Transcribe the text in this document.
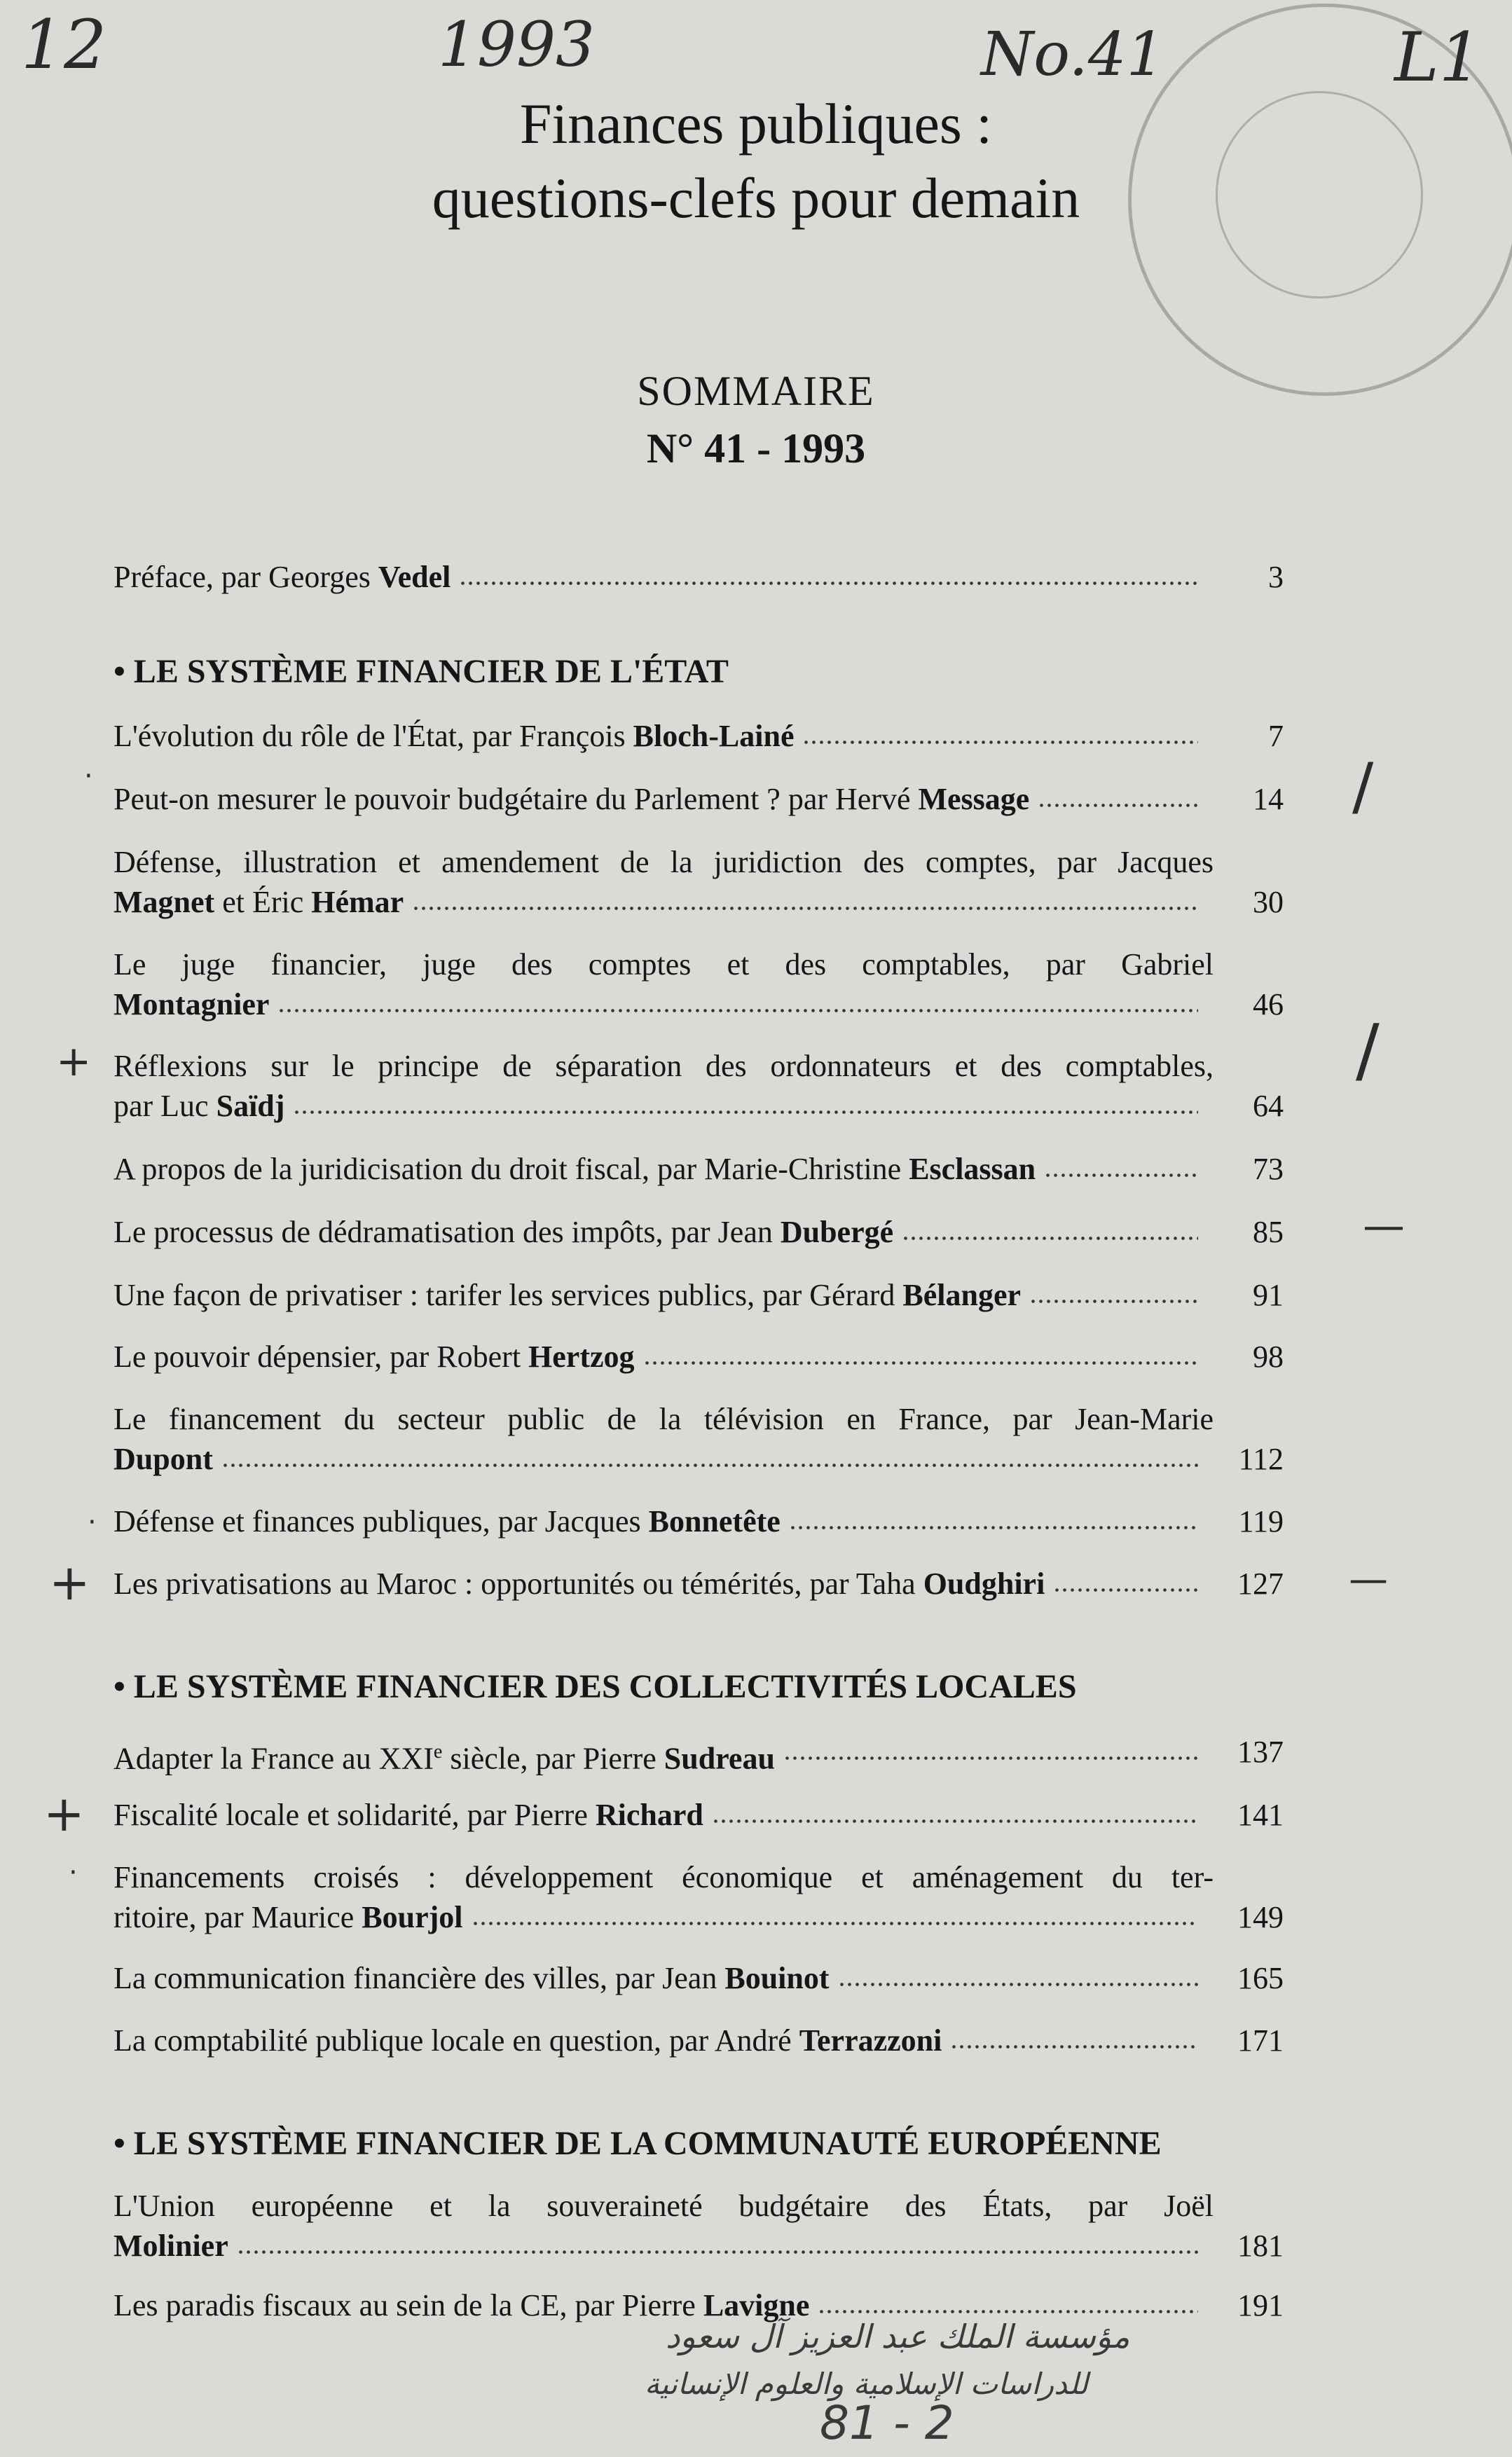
12	1993	No.41	L1
Finances publiques :
questions-clefs pour demain
SOMMAIRE
N° 41 - 1993
Préface, par Georges Vedel	3
• LE SYSTÈME FINANCIER DE L'ÉTAT
L'évolution du rôle de l'État, par François Bloch-Lainé	7
Peut-on mesurer le pouvoir budgétaire du Parlement ? par Hervé Message	14
Défense, illustration et amendement de la juridiction des comptes, par Jacques
Magnet et Éric Hémar	30
Le juge financier, juge des comptes et des comptables, par Gabriel
Montagnier	46
Réflexions sur le principe de séparation des ordonnateurs et des comptables,
par Luc Saïdj	64
A propos de la juridicisation du droit fiscal, par Marie-Christine Esclassan	73
Le processus de dédramatisation des impôts, par Jean Dubergé	85
Une façon de privatiser : tarifer les services publics, par Gérard Bélanger	91
Le pouvoir dépensier, par Robert Hertzog	98
Le financement du secteur public de la télévision en France, par Jean-Marie
Dupont	112
Défense et finances publiques, par Jacques Bonnetête	119
Les privatisations au Maroc : opportunités ou témérités, par Taha Oudghiri	127
• LE SYSTÈME FINANCIER DES COLLECTIVITÉS LOCALES
Adapter la France au XXIe siècle, par Pierre Sudreau	137
Fiscalité locale et solidarité, par Pierre Richard	141
Financements croisés : développement économique et aménagement du ter-
ritoire, par Maurice Bourjol	149
La communication financière des villes, par Jean Bouinot	165
La comptabilité publique locale en question, par André Terrazzoni	171
• LE SYSTÈME FINANCIER DE LA COMMUNAUTÉ EUROPÉENNE
L'Union européenne et la souveraineté budgétaire des États, par Joël
Molinier	181
Les paradis fiscaux au sein de la CE, par Pierre Lavigne	191
+
+
+
—
/
/
—
·
·
·
مؤسسة الملك عبد العزيز آل سعود
للدراسات الإسلامية والعلوم الإنسانية
81 - 2
